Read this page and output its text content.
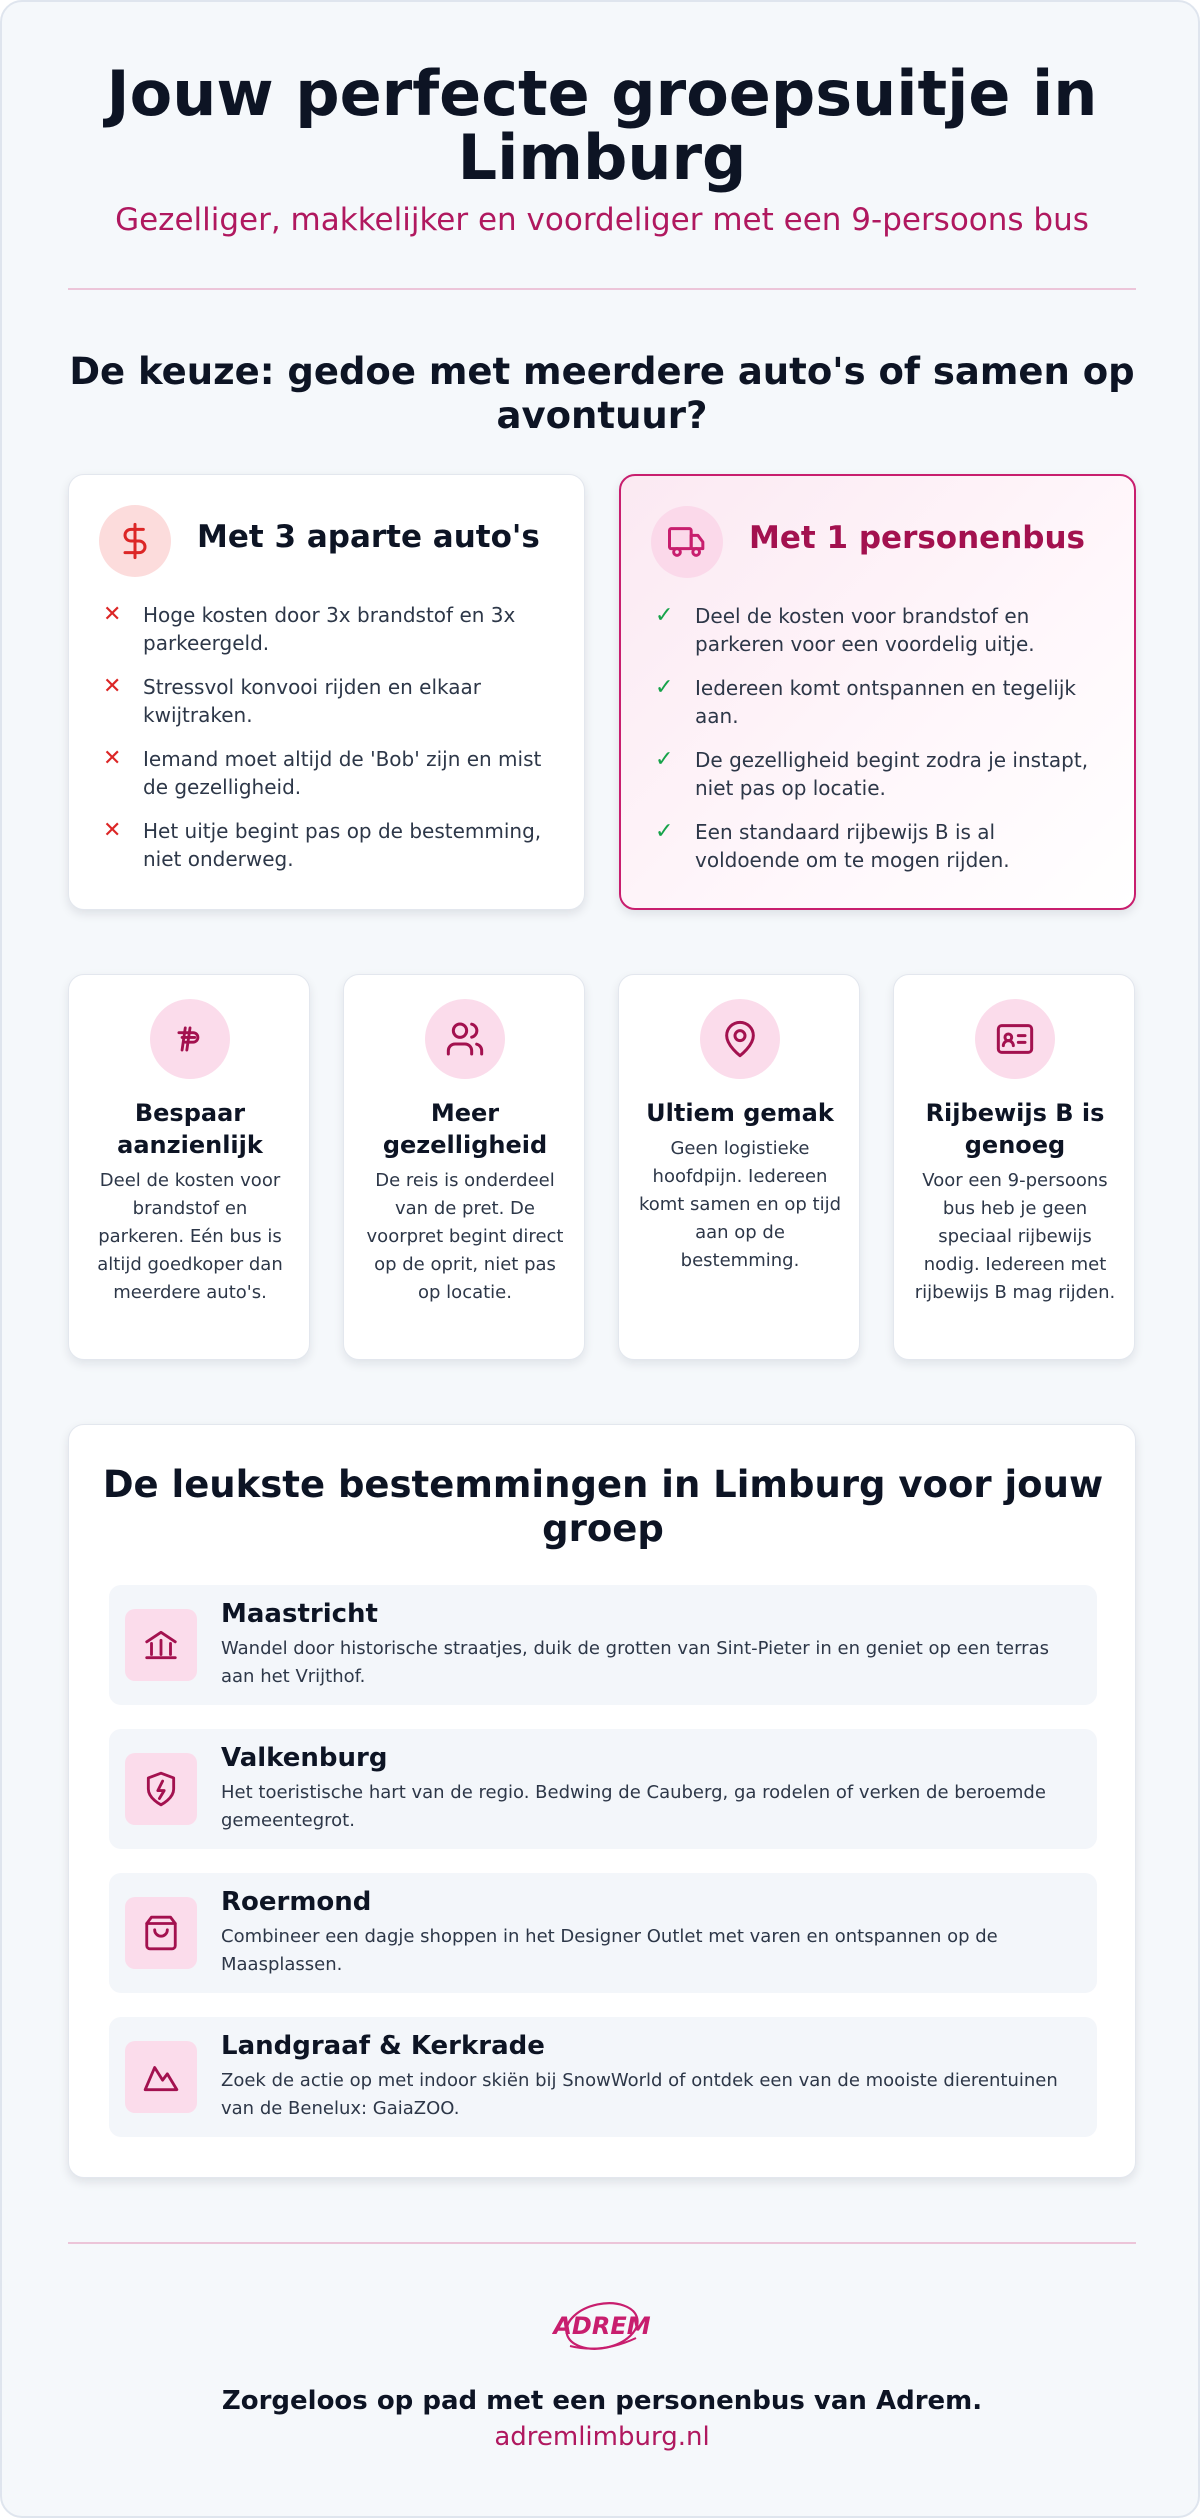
Jouw perfecte groepsuitje in Limburg
Gezelliger, makkelijker en voordeliger met een 9-persoons bus
De keuze: gedoe met meerdere auto's of samen op avontuur?
Met 3 aparte auto's
✕ Hoge kosten door 3x brandstof en 3x parkeergeld.
✕ Stressvol konvooi rijden en elkaar kwijtraken.
✕ Iemand moet altijd de 'Bob' zijn en mist de gezelligheid.
✕ Het uitje begint pas op de bestemming, niet onderweg.
Met 1 personenbus
✓ Deel de kosten voor brandstof en parkeren voor een voordelig uitje.
✓ Iedereen komt ontspannen en tegelijk aan.
✓ De gezelligheid begint zodra je instapt, niet pas op locatie.
✓ Een standaard rijbewijs B is al voldoende om te mogen rijden.
Bespaar aanzienlijk
Deel de kosten voor brandstof en parkeren. Eén bus is altijd goedkoper dan meerdere auto's.
Meer gezelligheid
De reis is onderdeel van de pret. De voorpret begint direct op de oprit, niet pas op locatie.
Ultiem gemak
Geen logistieke hoofdpijn. Iedereen komt samen en op tijd aan op de bestemming.
Rijbewijs B is genoeg
Voor een 9-persoons bus heb je geen speciaal rijbewijs nodig. Iedereen met rijbewijs B mag rijden.
De leukste bestemmingen in Limburg voor jouw groep
Maastricht
Wandel door historische straatjes, duik de grotten van Sint-Pieter in en geniet op een terras aan het Vrijthof.
Valkenburg
Het toeristische hart van de regio. Bedwing de Cauberg, ga rodelen of verken de beroemde gemeentegrot.
Roermond
Combineer een dagje shoppen in het Designer Outlet met varen en ontspannen op de Maasplassen.
Landgraaf & Kerkrade
Zoek de actie op met indoor skiën bij SnowWorld of ontdek een van de mooiste dierentuinen van de Benelux: GaiaZOO.
ADREM
Zorgeloos op pad met een personenbus van Adrem.
adremlimburg.nl
